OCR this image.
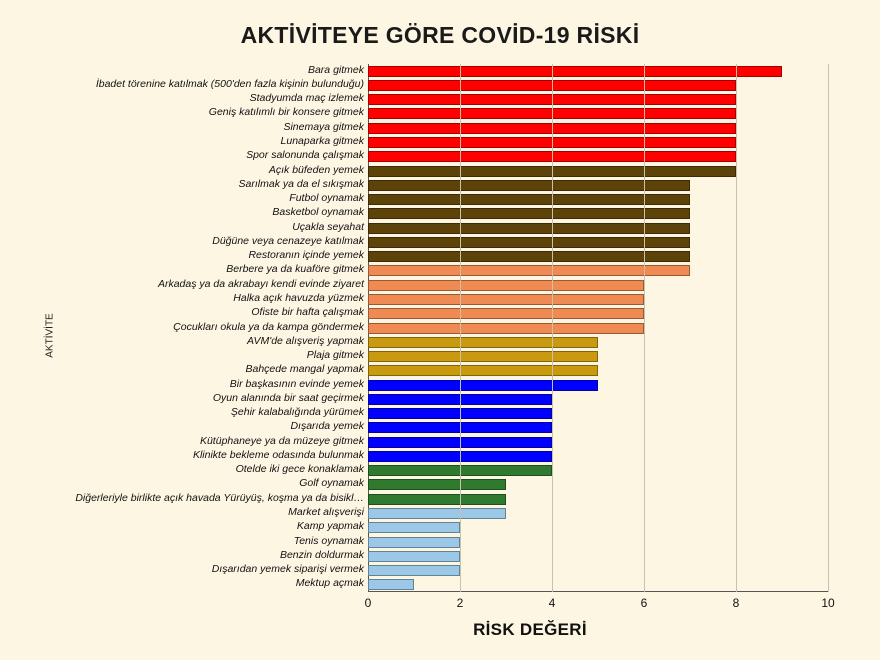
AKTİVİTEYE GÖRE COVİD-19 RİSKİ
AKTİVİTE
Bara gitmek
İbadet törenine katılmak (500'den fazla kişinin bulunduğu)
Stadyumda maç izlemek
Geniş katılımlı bir konsere gitmek
Sinemaya gitmek
Lunaparka gitmek
Spor salonunda çalışmak
Açık büfeden yemek
Sarılmak ya da el sıkışmak
Futbol oynamak
Basketbol oynamak
Uçakla seyahat
Düğüne veya cenazeye katılmak
Restoranın içinde yemek
Berbere ya da kuaföre gitmek
Arkadaş ya da akrabayı kendi evinde ziyaret
Halka açık havuzda yüzmek
Ofiste bir hafta çalışmak
Çocukları okula ya da kampa göndermek
AVM'de alışveriş yapmak
Plaja gitmek
Bahçede mangal yapmak
Bir başkasının evinde yemek
Oyun alanında bir saat geçirmek
Şehir kalabalığında yürümek
Dışarıda yemek
Kütüphaneye ya da müzeye gitmek
Klinikte bekleme odasında bulunmak
Otelde iki gece konaklamak
Golf oynamak
Diğerleriyle birlikte açık havada Yürüyüş, koşma ya da bisikl…
Market alışverişi
Kamp yapmak
Tenis oynamak
Benzin doldurmak
Dışarıdan yemek siparişi vermek
Mektup açmak
0	2	4	6	8	10
RİSK DEĞERİ
